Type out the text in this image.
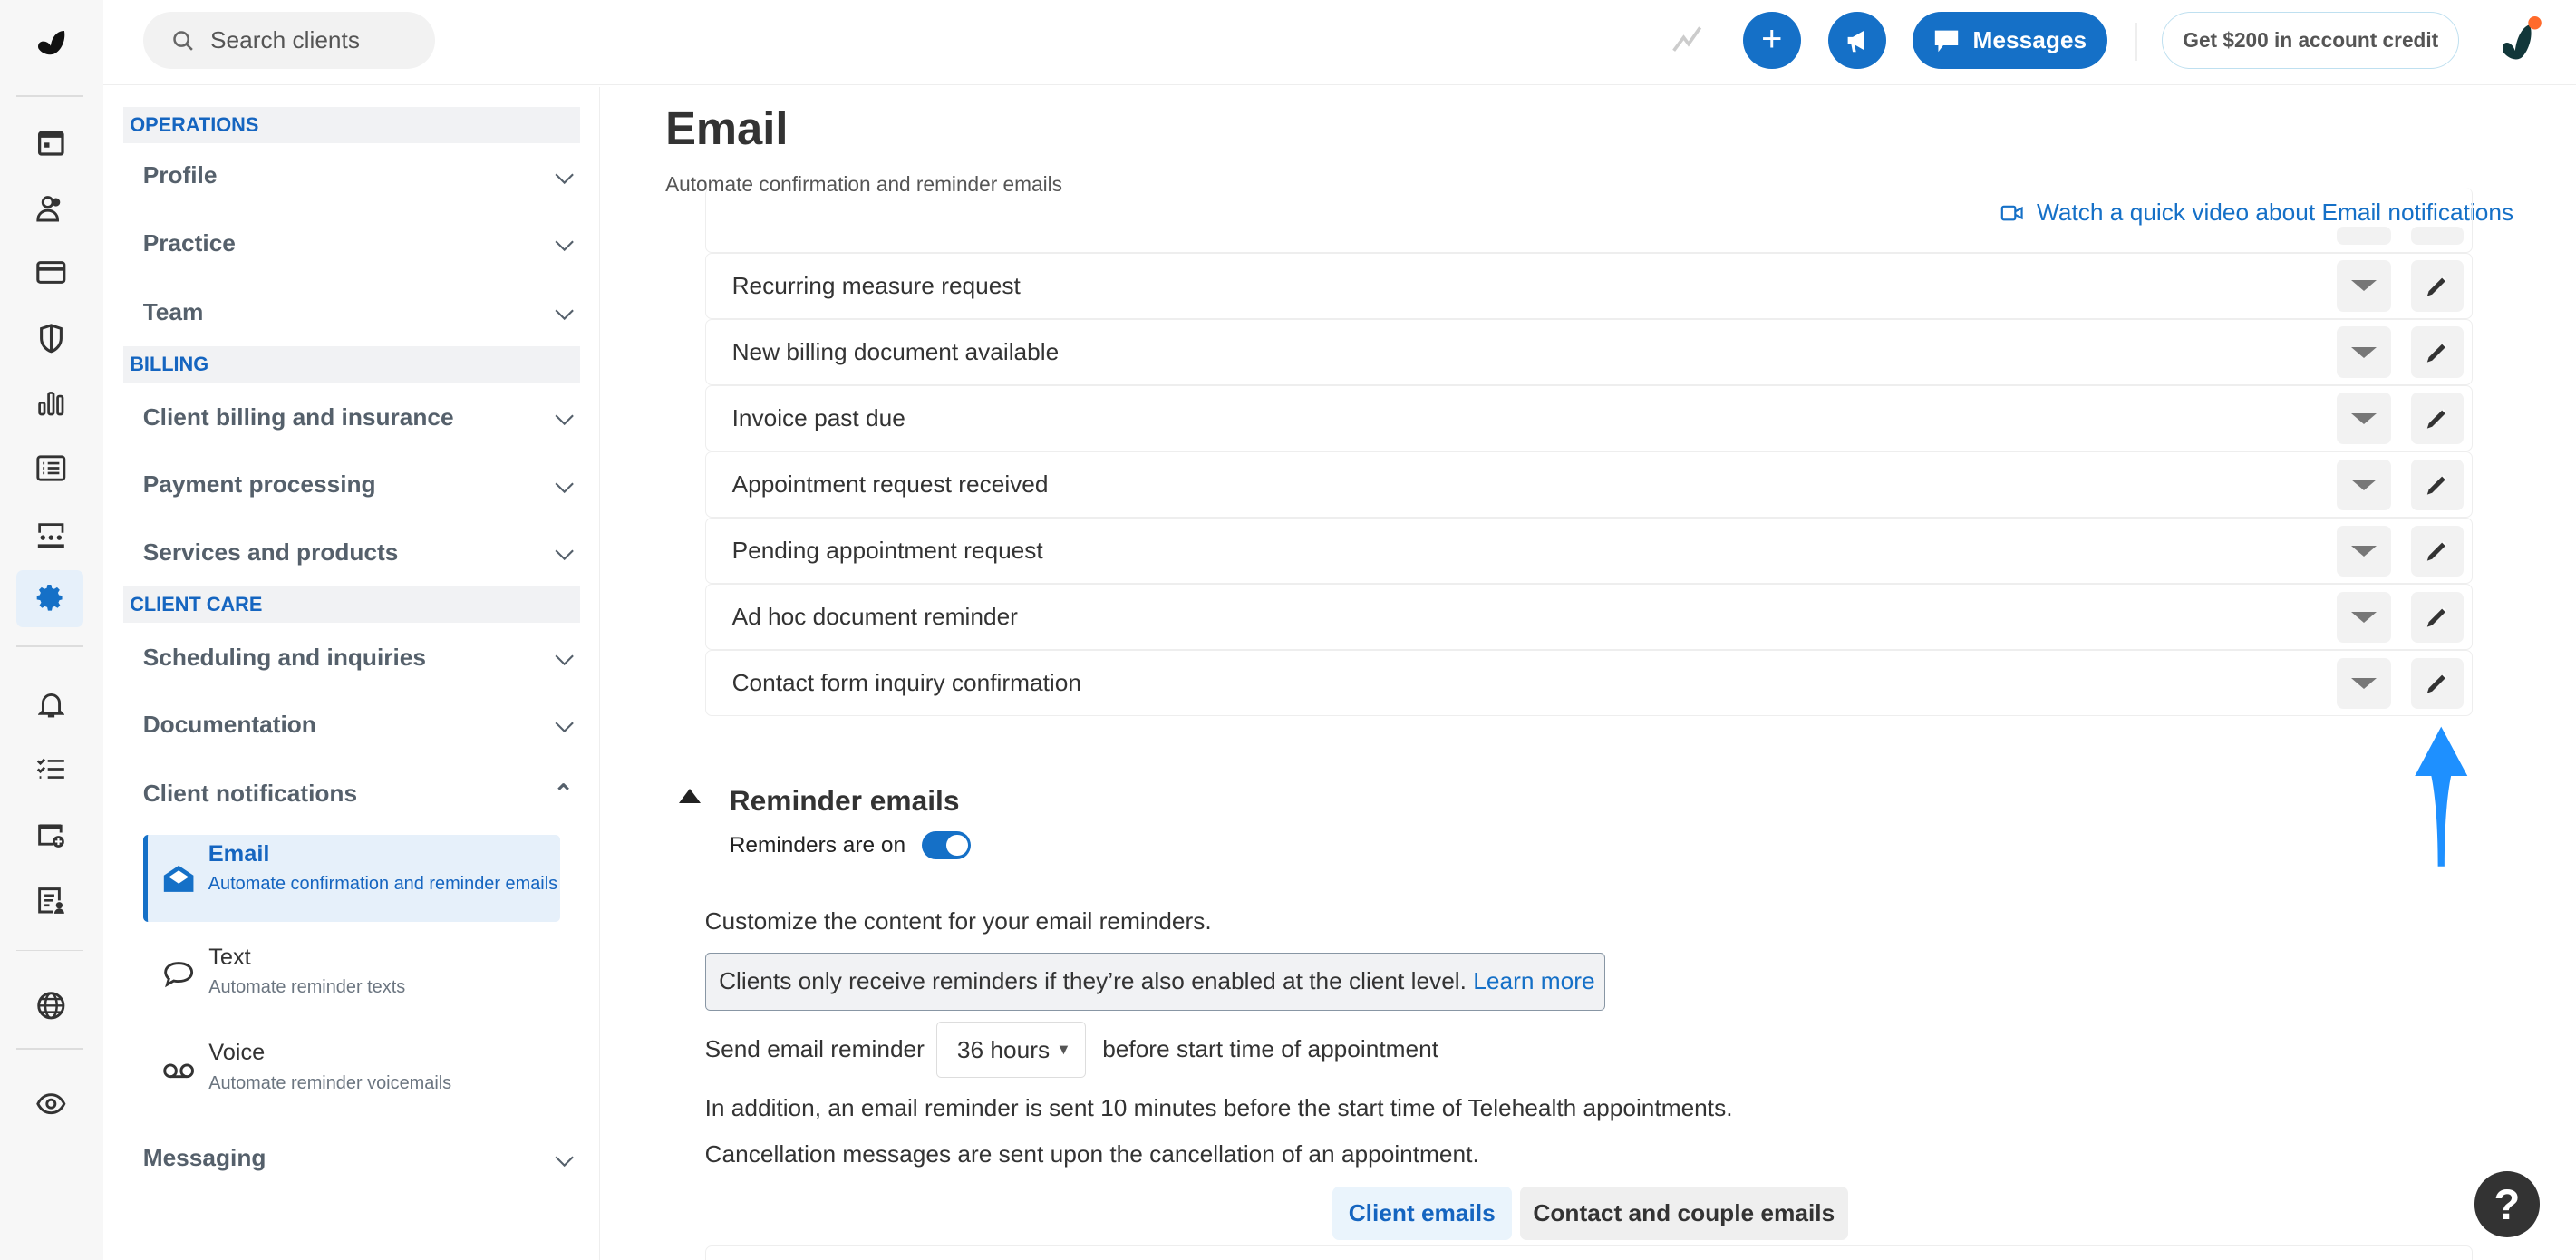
Search clients	+	Messages	Get $200 in account credit
OPERATIONS
Profile	⌵
Practice	⌵
Team	⌵
BILLING
Client billing and insurance	⌵
Payment processing	⌵
Services and products	⌵
CLIENT CARE
Scheduling and inquiries	⌵
Documentation	⌵
Client notifications	⌃
Email
Automate confirmation and reminder emails
Text
Automate reminder texts
Voice
Automate reminder voicemails
Messaging	⌵
Email
Automate confirmation and reminder emails
Watch a quick video about Email notifications
Recurring measure request
New billing document available
Invoice past due
Appointment request received
Pending appointment request
Ad hoc document reminder
Contact form inquiry confirmation
Reminder emails
Reminders are on
Customize the content for your email reminders.
Clients only receive reminders if they’re also enabled at the client level.
Learn more
Send email reminder 36 hours ▼ before start time of appointment
In addition, an email reminder is sent 10 minutes before the start time of Telehealth appointments.
Cancellation messages are sent upon the cancellation of an appointment.
Client emails	Contact and couple emails	?
